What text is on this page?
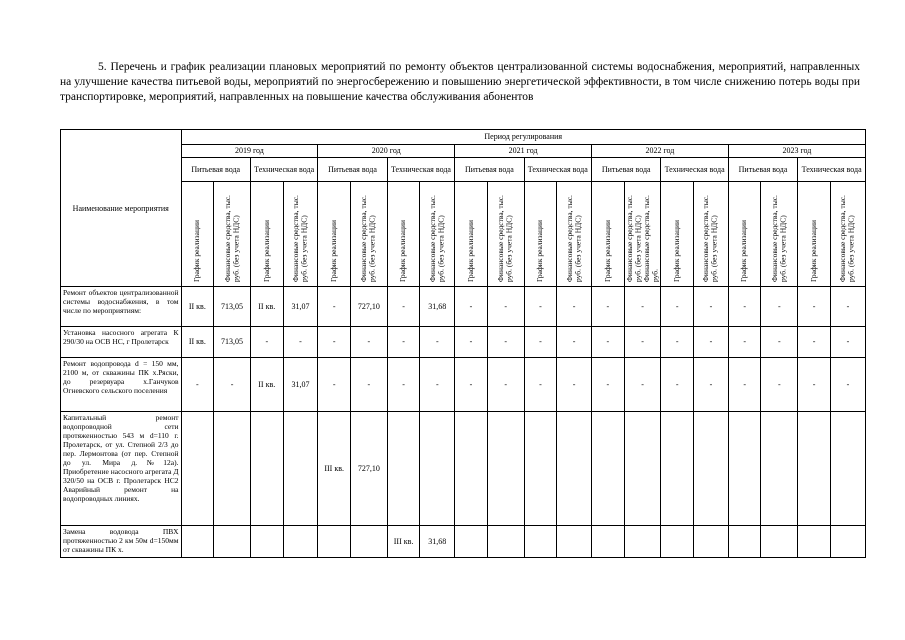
5. Перечень и график реализации плановых мероприятий по ремонту объектов централизованной системы водоснабжения, мероприятий, направленных на улучшение качества питьевой воды, мероприятий по энергосбережению и повышению энергетической эффективности, в том числе снижению потерь воды при транспортировке, мероприятий, направленных на повышение качества обслуживания абонентов
Наименование мероприятия	Период регулирования																			
	2019 год				2020 год				2021 год				2022 год				2023 год			
	Питьевая вода		Техническая вода		Питьевая вода		Техническая вода		Питьевая вода		Техническая вода		Питьевая вода		Техническая вода		Питьевая вода		Техническая вода	
	График реализации	Финансовые средства, тыс. руб. (без учета НДС)	График реализации	Финансовые средства, тыс. руб. (без учета НДС)	График реализации	Финансовые средства, тыс. руб. (без учета НДС)	График реализации	Финансовые средства, тыс. руб. (без учета НДС)	График реализации	Финансовые средства, тыс. руб. (без учета НДС)	График реализации	Финансовые средства, тыс. руб. (без учета НДС)	График реализации	Финансовые средства, тыс. руб. (без учета НДС) Финансовые средства, тыс. руб.	График реализации	Финансовые средства, тыс. руб. (без учета НДС)	График реализации	Финансовые средства, тыс. руб. (без учета НДС)	График реализации	Финансовые средства, тыс. руб. (без учета НДС)
Ремонт объектов централизованной системы водоснабжения, в том числе по мероприятиям:	II кв.	713,05	II кв.	31,07	-	727,10	-	31,68	-	-	-	-	-	-	-	-	-	-	-	-
Установка насосного агрегата К 290/30 на ОСВ НС, г Пролетарск	II кв.	713,05	-	-	-	-	-	-	-	-	-	-	-	-	-	-	-	-	-	-
Ремонт водопровода d = 150 мм, 2100 м, от скважины ПК х.Ряски, до резервуара х.Ганчуков Огневского сельского поселения	-	-	II кв.	31,07	-	-	-	-	-	-	-	-	-	-	-	-	-	-	-	-
Капитальный ремонт водопроводной сети протяженностью 543 м d=110 г. Пролетарск, от ул. Степной 2/3 до пер. Лермонтова (от пер. Степной до ул. Мира д.№12а). Приобретение насосного агрегата Д 320/50 на ОСВ г. Пролетарск НС2 Аварийный ремонт на водопроводных линиях.					III кв.	727,10														
Замена водовода ПВХ протяженностью 2 км 50м d=150мм от скважины ПК х.							III кв.	31,68												
